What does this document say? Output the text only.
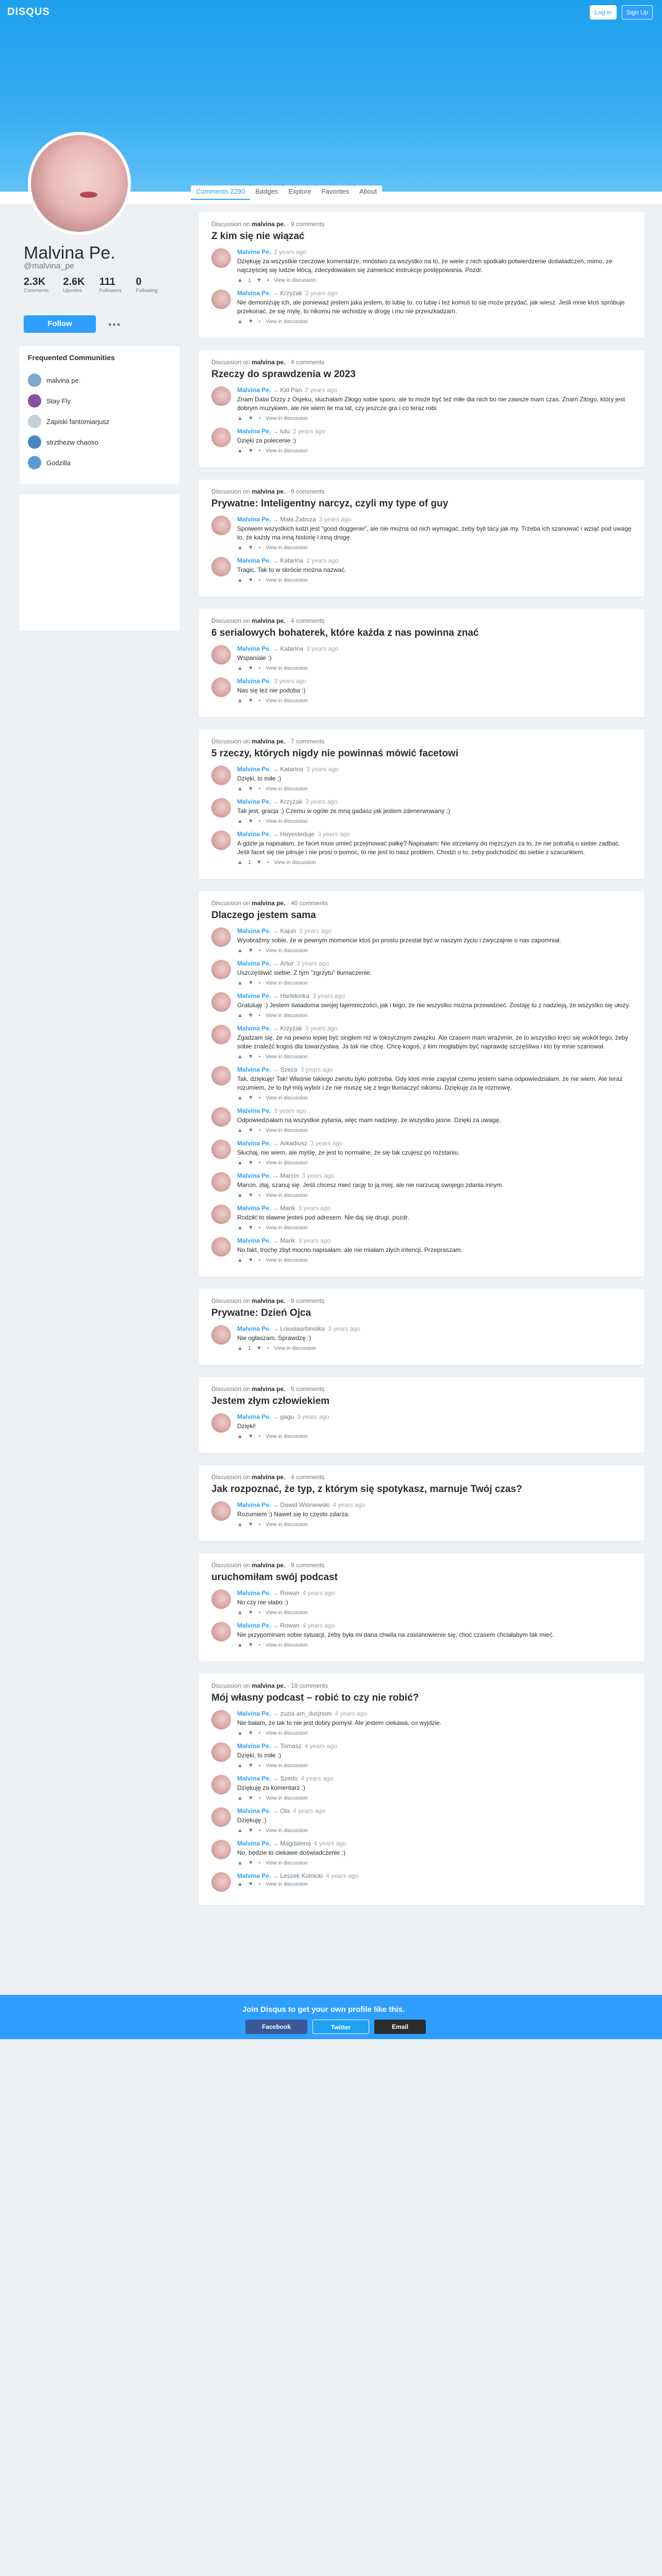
DISQUS	Log in	Sign Up
Comments 2290	Badges	Explore	Favorites	About
Malvina Pe.
@malvina_pe
2.3K
Comments
2.6K
Upvotes
111
Followers
0
Following
Follow	•••
Frequented Communities
malvina pe.
Stay Fly
Zapiski fantomiarjusz
strzthezw chaoso
Godzilla
Discussion on malvina pe. · 9 comments
Z kim się nie wiązać
Malvina Pe. 2 years ago
Dziękuję za wszystkie rzeczowe komentarze, mnóstwo za wszystko na to, że wiele z nich spotkało potwierdzenie doświadczeń, mimo, ze najczęściej się ludzie kłócą, zdecydowałam się zamieścić instrukcje postępowania. Pozdr.
▲ 1 ▼ • View in discussion
Malvina Pe. → Krzyżak 2 years ago
Nie demonizuję ich, ale ponieważ jestem jaka jestem, to lubię to, co lubię i też komuś to się może przydać, jak wiesz. Jeśli mnie ktoś spróbuje przekonać, że się mylę, to nikomu nie wchodzę w drogę i mu nie przeszkadzam.
▲ ▼ • View in discussion
Discussion on malvina pe. · 4 comments
Rzeczy do sprawdzenia w 2023
Malvina Pe. → Kid Pan 2 years ago
Znam Dalai Dizzy z Osjeku, słuchałam Ziłogo sobie sporo, ale to może być też miłe dla nich bo nie zawsze mam czas. Znam Zitogo, który jest dobrym muzykiem, ale nie wiem ile ma lat, czy jeszcze gra i co teraz robi.
▲ ▼ • View in discussion
Malvina Pe. → lulu 2 years ago
Dzięki za polecenie :)
▲ ▼ • View in discussion
Discussion on malvina pe. · 9 comments
Prywatne: Inteligentny narcyz, czyli my type of guy
Malvina Pe. → Mała Żaboza 3 years ago
Spoiwem wszystkich ludzi jest "good doggenie", ale nie można od nich wymagać, żeby byli tacy jak my. Trzeba ich szanować i wziąć pod uwagę to, że każdy ma inną historię i inną drogę.
▲ ▼ • View in discussion
Malvina Pe. → Katarina 2 years ago
Tragic. Tak to w skrócie można nazwać.
▲ ▼ • View in discussion
Discussion on malvina pe. · 4 comments
6 serialowych bohaterek, które każda z nas powinna znać
Malvina Pe. → Katarina 3 years ago
Wspaniale :)
▲ ▼ • View in discussion
Malvina Pe. 3 years ago
Nas się też nie podoba :)
▲ ▼ • View in discussion
Discussion on malvina pe. · 7 comments
5 rzeczy, których nigdy nie powinnaś mówić facetowi
Malvina Pe. → Katarina 3 years ago
Dzięki, to miłe :)
▲ ▼ • View in discussion
Malvina Pe. → Krzyżak 3 years ago
Tak jest, gracja :) Czemu w ogóle ze mną gadasz jak jestem zdenerwowany ;)
▲ ▼ • View in discussion
Malvina Pe. → Hayesteduje 3 years ago
A gdzie ja napisałam, że facet musi umieć przejmować pałkę? Napisałam: Nie strzelamy do mężczyzn za to, że nie potrafią o siebie zadbać. Jeśli facet się nie pilnuje i nie prosi o pomoc, to nie jest to nasz problem. Chodzi o to, żeby podchodzić do siebie z szacunkiem.
▲ 1 ▼ • View in discussion
Discussion on malvina pe. · 40 comments
Dlaczego jestem sama
Malvina Pe. → Kajun 3 years ago
Wyobraźmy sobie, że w pewnym momencie ktoś po prostu przestał być w naszym życiu i zwyczajnie o nas zapomniał.
▲ ▼ • View in discussion
Malvina Pe. → Artur 3 years ago
Uszczęśliwić siebie. Z tym "zgrzytu" tłumaczenie.
▲ ▼ • View in discussion
Malvina Pe. → Harlekinka 3 years ago
Gratuluję :) Jestem świadoma swojej tajemniczości, jak i tego, że nie wszystko można przewidzieć. Zostaję tu z nadzieją, że wszystko się ułoży.
▲ ▼ • View in discussion
Malvina Pe. → Krzyżak 3 years ago
Zgadzam się, że na pewno lepiej być singlem niż w toksycznym związku. Ale czasem mam wrażenie, że to wszystko kręci się wokół tego, żeby sobie znaleźć kogoś dla towarzystwa. Ja tak nie chcę. Chcę kogoś, z kim mogłabym być naprawdę szczęśliwa i kto by mnie szanował.
▲ ▼ • View in discussion
Malvina Pe. → Szeza 3 years ago
Tak, dziękuję! Tak! Właśnie takiego zwrotu było potrzeba. Gdy ktoś mnie zapytał czemu jestem sama odpowiedziałam, że nie wiem. Ale teraz rozumiem, że to był mój wybór i że nie muszę się z tego tłumaczyć nikomu. Dziękuję za tę rozmowę.
▲ ▼ • View in discussion
Malvina Pe. 3 years ago
Odpowiedziałam na wszystkie pytania, więc mam nadzieję, że wszystko jasne. Dzięki za uwagę.
▲ ▼ • View in discussion
Malvina Pe. → Arkadiusz 3 years ago
Słuchaj, nie wiem, ale myślę, że jest to normalne, że się tak czujesz po rozstaniu.
▲ ▼ • View in discussion
Malvina Pe. → Marcin 3 years ago
Marcin, złaj, szanuj się. Jeśli chcesz mieć rację to ją miej, ale nie narzucaj swojego zdania innym.
▲ ▼ • View in discussion
Malvina Pe. → Marik 3 years ago
Rodziłć to sławne jesteś pod adresem. Nie daj się drugi, pozdr.
▲ ▼ • View in discussion
Malvina Pe. → Marik 3 years ago
No fakt, trochę zbyt mocno napisałam, ale nie miałam złych intencji. Przepraszam.
▲ ▼ • View in discussion
Discussion on malvina pe. · 9 comments
Prywatne: Dzień Ojca
Malvina Pe. → Lolusiaarbinolka 3 years ago
Nie ogłaszam. Sprawdzę :)
▲ 1 ▼ • View in discussion
Discussion on malvina pe. · 5 comments
Jestem złym człowiekiem
Malvina Pe. → gagu 3 years ago
Dzięki!
▲ ▼ • View in discussion
Discussion on malvina pe. · 4 comments
Jak rozpoznać, że typ, z którym się spotykasz, marnuje Twój czas?
Malvina Pe. → Dawid Wiśniewski 4 years ago
Rozumiem :) Nawet się to często zdarza.
▲ ▼ • View in discussion
Discussion on malvina pe. · 9 comments
uruchomiłam swój podcast
Malvina Pe. → Rowan 4 years ago
No czy nie słabo :)
▲ ▼ • View in discussion
Malvina Pe. → Rowan 4 years ago
Nie przypominam sobie sytuacji, żeby była mi dana chwila na zastanowienie się, choć czasem chciałabym tak mieć.
▲ ▼ • View in discussion
Discussion on malvina pe. · 18 comments
Mój własny podcast – robić to czy nie robić?
Malvina Pe. → zuzia am_dusjnom 4 years ago
Nie bałam, że tak to nie jest dobry pomysł. Ale jestem ciekawa, co wyjdzie.
▲ ▼ • View in discussion
Malvina Pe. → Tomasz 4 years ago
Dzięki, to miłe :)
▲ ▼ • View in discussion
Malvina Pe. → Szedo 4 years ago
Dziękuję za komentarz :)
▲ ▼ • View in discussion
Malvina Pe. → Ola 4 years ago
Dziękuję :)
▲ ▼ • View in discussion
Malvina Pe. → Magdalena 4 years ago
No, będzie to ciekawe doświadczenie :)
▲ ▼ • View in discussion
Malvina Pe. → Leszek Kolnicki 4 years ago
▲ ▼ • View in discussion
Join Disqus to get your own profile like this.
Facebook	Twitter	Email
